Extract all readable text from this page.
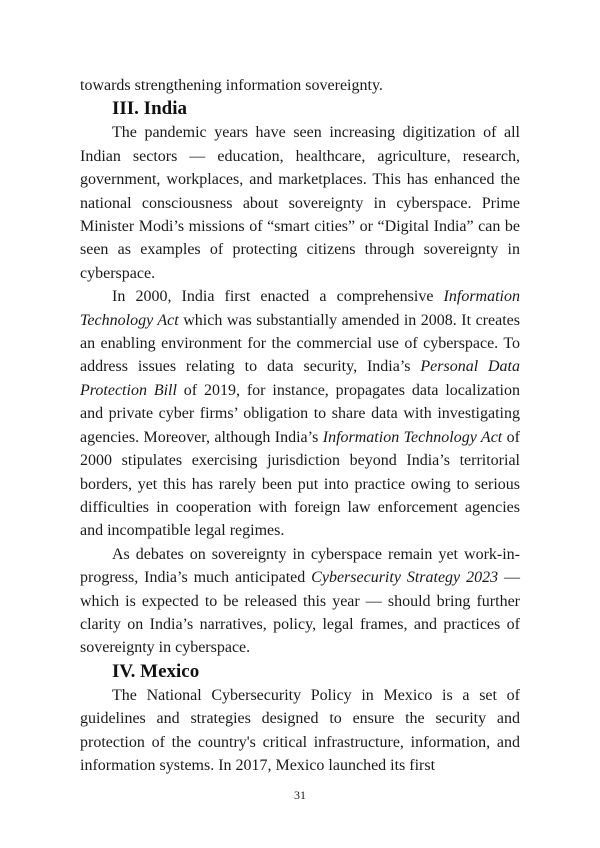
towards strengthening information sovereignty.

III. India

The pandemic years have seen increasing digitization of all Indian sectors — education, healthcare, agriculture, research, government, workplaces, and marketplaces. This has enhanced the national consciousness about sovereignty in cyberspace. Prime Minister Modi’s missions of “smart cities” or “Digital India” can be seen as examples of protecting citizens through sovereignty in cyberspace.

In 2000, India first enacted a comprehensive Information Technology Act which was substantially amended in 2008. It creates an enabling environment for the commercial use of cyberspace. To address issues relating to data security, India’s Personal Data Protection Bill of 2019, for instance, propagates data localization and private cyber firms’ obligation to share data with investigating agencies. Moreover, although India’s Information Technology Act of 2000 stipulates exercising jurisdiction beyond India’s territorial borders, yet this has rarely been put into practice owing to serious difficulties in cooperation with foreign law enforcement agencies and incompatible legal regimes.

As debates on sovereignty in cyberspace remain yet work-in-progress, India’s much anticipated Cybersecurity Strategy 2023 — which is expected to be released this year — should bring further clarity on India’s narratives, policy, legal frames, and practices of sovereignty in cyberspace.

IV. Mexico

The National Cybersecurity Policy in Mexico is a set of guidelines and strategies designed to ensure the security and protection of the country's critical infrastructure, information, and information systems. In 2017, Mexico launched its first

31
